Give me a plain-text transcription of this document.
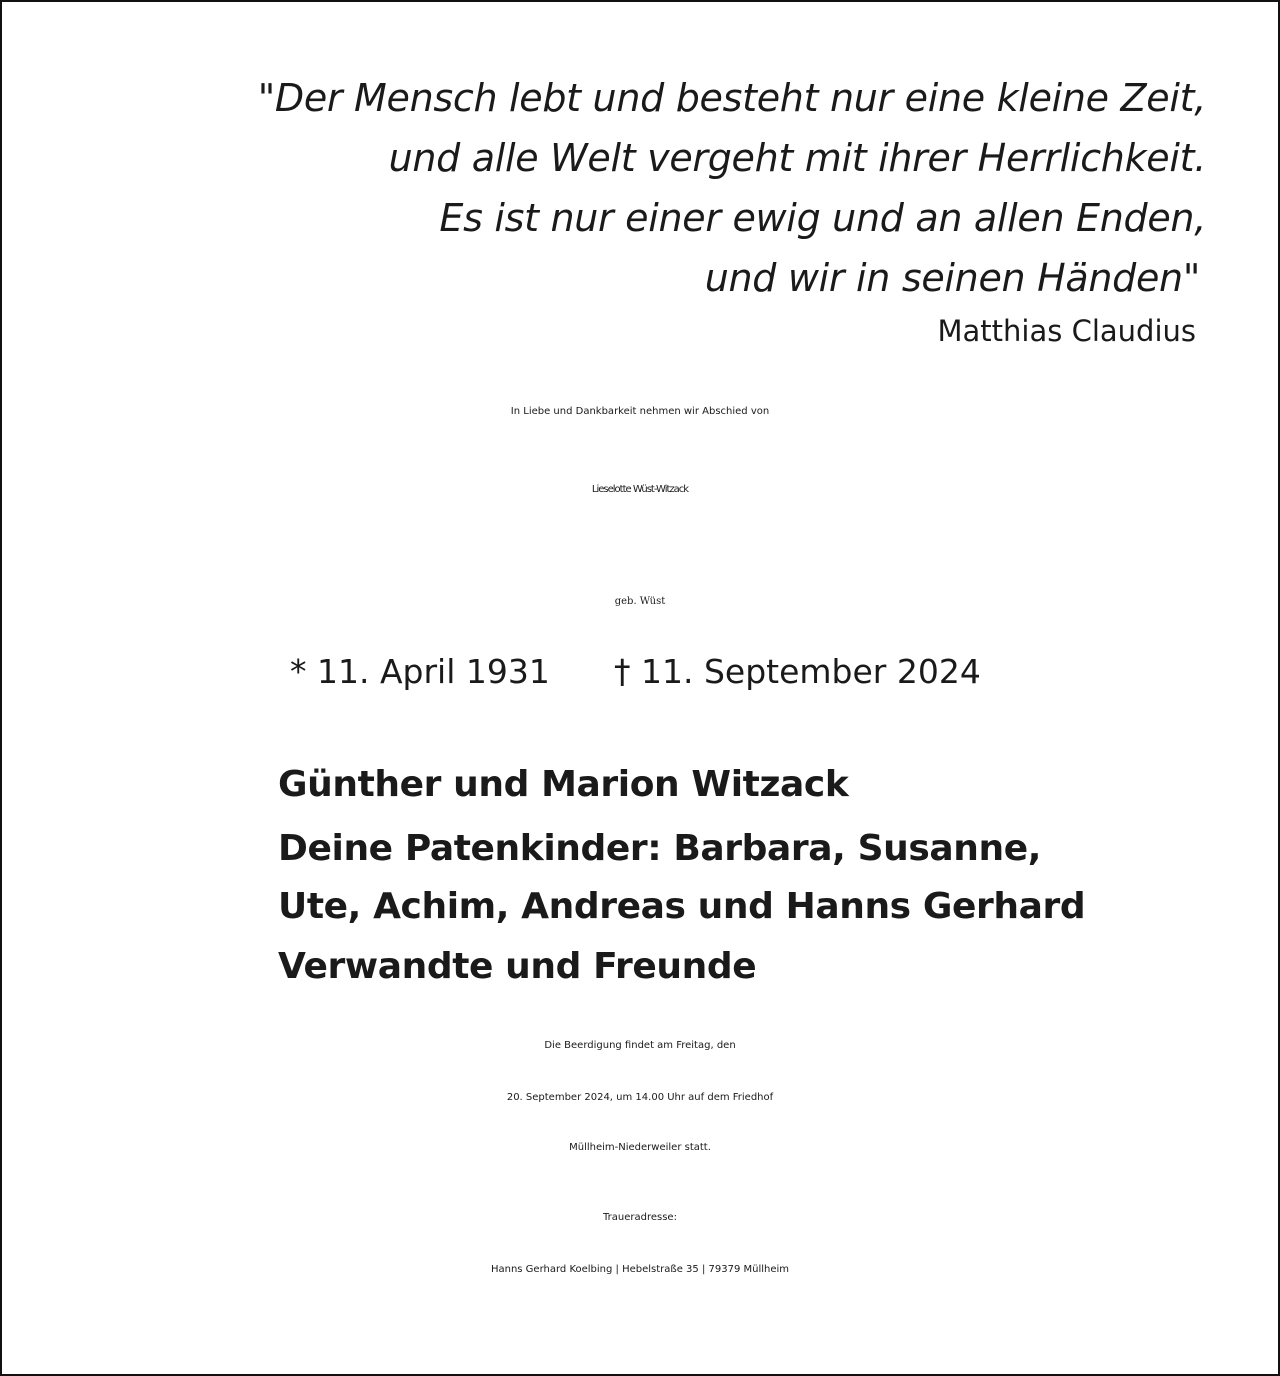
"Der Mensch lebt und besteht nur eine kleine Zeit,
und alle Welt vergeht mit ihrer Herrlichkeit.
Es ist nur einer ewig und an allen Enden,
und wir in seinen Händen"
Matthias Claudius
In Liebe und Dankbarkeit nehmen wir Abschied von
Lieselotte Wüst-Witzack
geb. Wüst
* 11. April 1931 † 11. September 2024
Günther und Marion Witzack
Deine Patenkinder: Barbara, Susanne,
Ute, Achim, Andreas und Hanns Gerhard
Verwandte und Freunde
Die Beerdigung findet am Freitag, den
20. September 2024, um 14.00 Uhr auf dem Friedhof
Müllheim-Niederweiler statt.
Traueradresse:
Hanns Gerhard Koelbing | Hebelstraße 35 | 79379 Müllheim
